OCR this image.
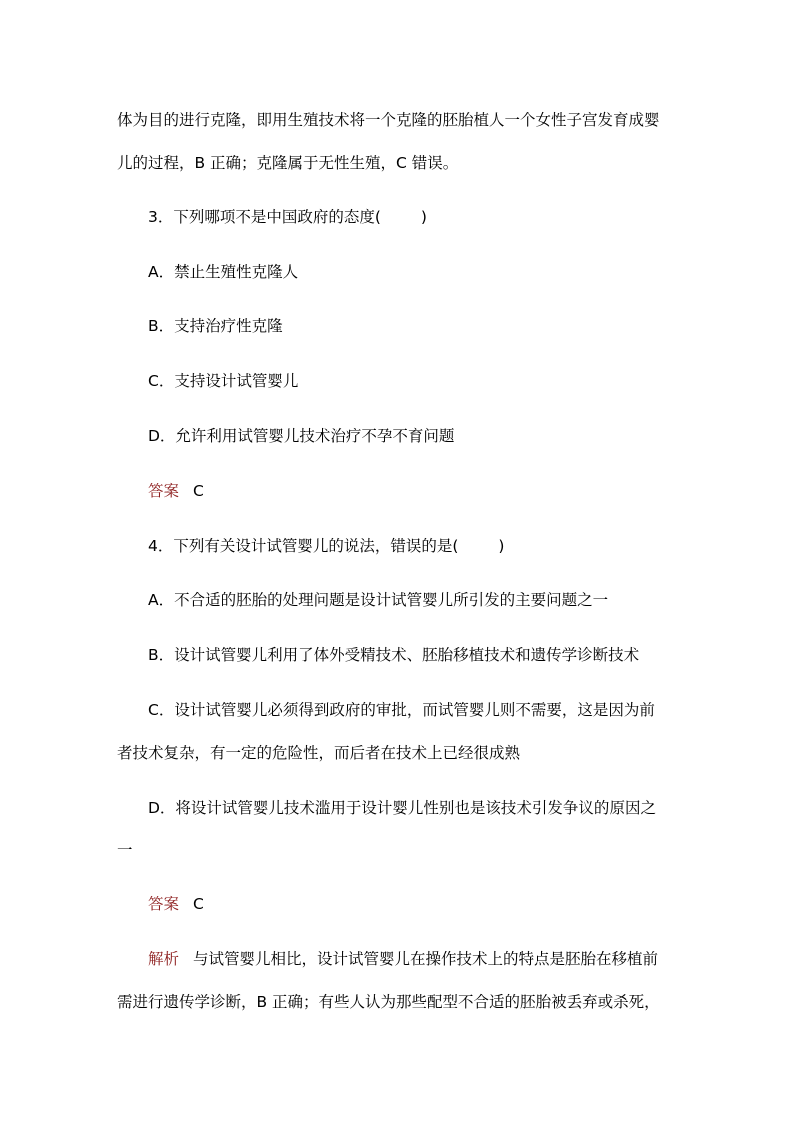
体为目的进行克隆，即用生殖技术将一个克隆的胚胎植人一个女性子宫发育成婴
儿的过程，B 正确；克隆属于无性生殖，C 错误。
3．下列哪项不是中国政府的态度(	)
A．禁止生殖性克隆人
B．支持治疗性克隆
C．支持设计试管婴儿
D．允许利用试管婴儿技术治疗不孕不育问题
答案 C
4．下列有关设计试管婴儿的说法，错误的是(	)
A．不合适的胚胎的处理问题是设计试管婴儿所引发的主要问题之一
B．设计试管婴儿利用了体外受精技术、胚胎移植技术和遗传学诊断技术
C．设计试管婴儿必须得到政府的审批，而试管婴儿则不需要，这是因为前
者技术复杂，有一定的危险性，而后者在技术上已经很成熟
D．将设计试管婴儿技术滥用于设计婴儿性别也是该技术引发争议的原因之
一
答案 C
解析 与试管婴儿相比，设计试管婴儿在操作技术上的特点是胚胎在移植前
需进行遗传学诊断，B 正确；有些人认为那些配型不合适的胚胎被丢弃或杀死，
